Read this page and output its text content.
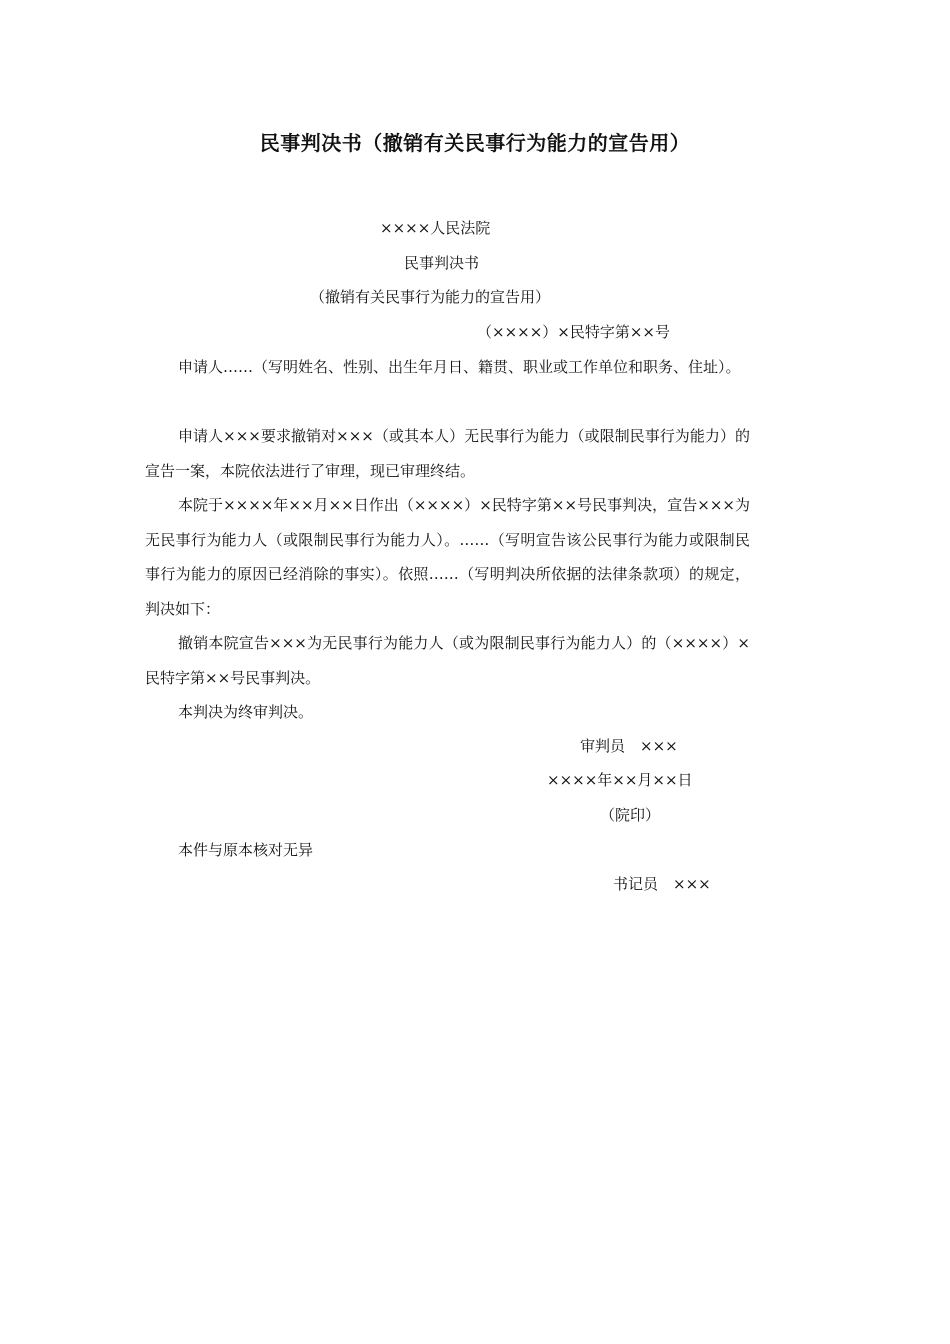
民事判决书（撤销有关民事行为能力的宣告用）
××××人民法院
民事判决书
（撤销有关民事行为能力的宣告用）
（××××）×民特字第××号

申请人……（写明姓名、性别、出生年月日、籍贯、职业或工作单位和职务、住址）。

申请人×××要求撤销对×××（或其本人）无民事行为能力（或限制民事行为能力）的宣告一案，本院依法进行了审理，现已审理终结。

本院于××××年××月××日作出（××××）×民特字第××号民事判决，宣告×××为无民事行为能力人（或限制民事行为能力人）。……（写明宣告该公民事行为能力或限制民事行为能力的原因已经消除的事实）。依照……（写明判决所依据的法律条款项）的规定，判决如下：

撤销本院宣告×××为无民事行为能力人（或为限制民事行为能力人）的（××××）×民特字第××号民事判决。

本判决为终审判决。

审判员　×××
××××年××月××日
（院印）
本件与原本核对无异
书记员　×××
